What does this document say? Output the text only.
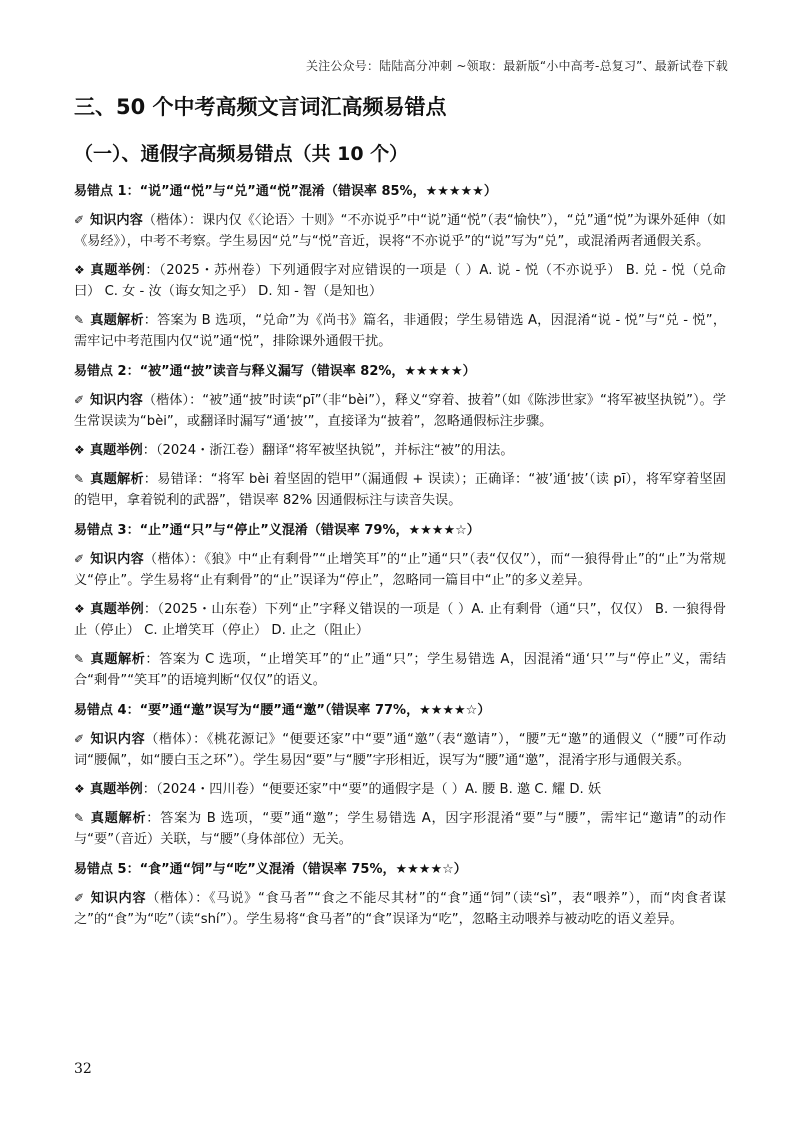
关注公众号：陆陆高分冲刺 ~领取：最新版“小中高考-总复习”、最新试卷下载
三、50 个中考高频文言词汇高频易错点
（一）、通假字高频易错点（共 10 个）
易错点 1：“说”通“悦”与“兑”通“悦”混淆（错误率 85%，★★★★★）
✐ 知识内容（楷体）：课内仅《〈论语〉十则》“不亦说乎”中“说”通“悦”（表“愉快”），“兑”通“悦”为课外延伸（如《易经》），中考不考察。学生易因“兑”与“悦”音近，误将“不亦说乎”的“说”写为“兑”，或混淆两者通假关系。
❖ 真题举例：（2025・苏州卷）下列通假字对应错误的一项是（ ）A. 说 - 悦（不亦说乎） B. 兑 - 悦（兑命曰） C. 女 - 汝（诲女知之乎） D. 知 - 智（是知也）
✎ 真题解析：答案为 B 选项，“兑命”为《尚书》篇名，非通假；学生易错选 A，因混淆“说 - 悦”与“兑 - 悦”，需牢记中考范围内仅“说”通“悦”，排除课外通假干扰。
易错点 2：“被”通“披”读音与释义漏写（错误率 82%，★★★★★）
✐ 知识内容（楷体）：“被”通“披”时读“pī”（非“bèi”），释义“穿着、披着”（如《陈涉世家》“将军被坚执锐”）。学生常误读为“bèi”，或翻译时漏写“通‘披’”，直接译为“披着”，忽略通假标注步骤。
❖ 真题举例：（2024・浙江卷）翻译“将军被坚执锐”，并标注“被”的用法。
✎ 真题解析：易错译：“将军 bèi 着坚固的铠甲”（漏通假 + 误读）；正确译：“被’通‘披’（读 pī），将军穿着坚固的铠甲，拿着锐利的武器”，错误率 82% 因通假标注与读音失误。
易错点 3：“止”通“只”与“停止”义混淆（错误率 79%，★★★★☆）
✐ 知识内容（楷体）：《狼》中“止有剩骨”“止增笑耳”的“止”通“只”（表“仅仅”），而“一狼得骨止”的“止”为常规义“停止”。学生易将“止有剩骨”的“止”误译为“停止”，忽略同一篇目中“止”的多义差异。
❖ 真题举例：（2025・山东卷）下列“止”字释义错误的一项是（ ）A. 止有剩骨（通“只”，仅仅） B. 一狼得骨止（停止） C. 止增笑耳（停止） D. 止之（阻止）
✎ 真题解析：答案为 C 选项，“止增笑耳”的“止”通“只”；学生易错选 A，因混淆“通‘只’”与“停止”义，需结合“剩骨”“笑耳”的语境判断“仅仅”的语义。
易错点 4：“要”通“邀”误写为“腰”通“邀”（错误率 77%，★★★★☆）
✐ 知识内容（楷体）：《桃花源记》“便要还家”中“要”通“邀”（表“邀请”），“腰”无“邀”的通假义（“腰”可作动词“腰佩”，如“腰白玉之环”）。学生易因“要”与“腰”字形相近，误写为“腰”通“邀”，混淆字形与通假关系。
❖ 真题举例：（2024・四川卷）“便要还家”中“要”的通假字是（ ）A. 腰 B. 邀 C. 耀 D. 妖
✎ 真题解析：答案为 B 选项，“要”通“邀”；学生易错选 A，因字形混淆“要”与“腰”，需牢记“邀请”的动作与“要”（音近）关联，与“腰”（身体部位）无关。
易错点 5：“食”通“饲”与“吃”义混淆（错误率 75%，★★★★☆）
✐ 知识内容（楷体）：《马说》“食马者”“食之不能尽其材”的“食”通“饲”（读“sì”，表“喂养”），而“肉食者谋之”的“食”为“吃”（读“shí”）。学生易将“食马者”的“食”误译为“吃”，忽略主动喂养与被动吃的语义差异。
32
